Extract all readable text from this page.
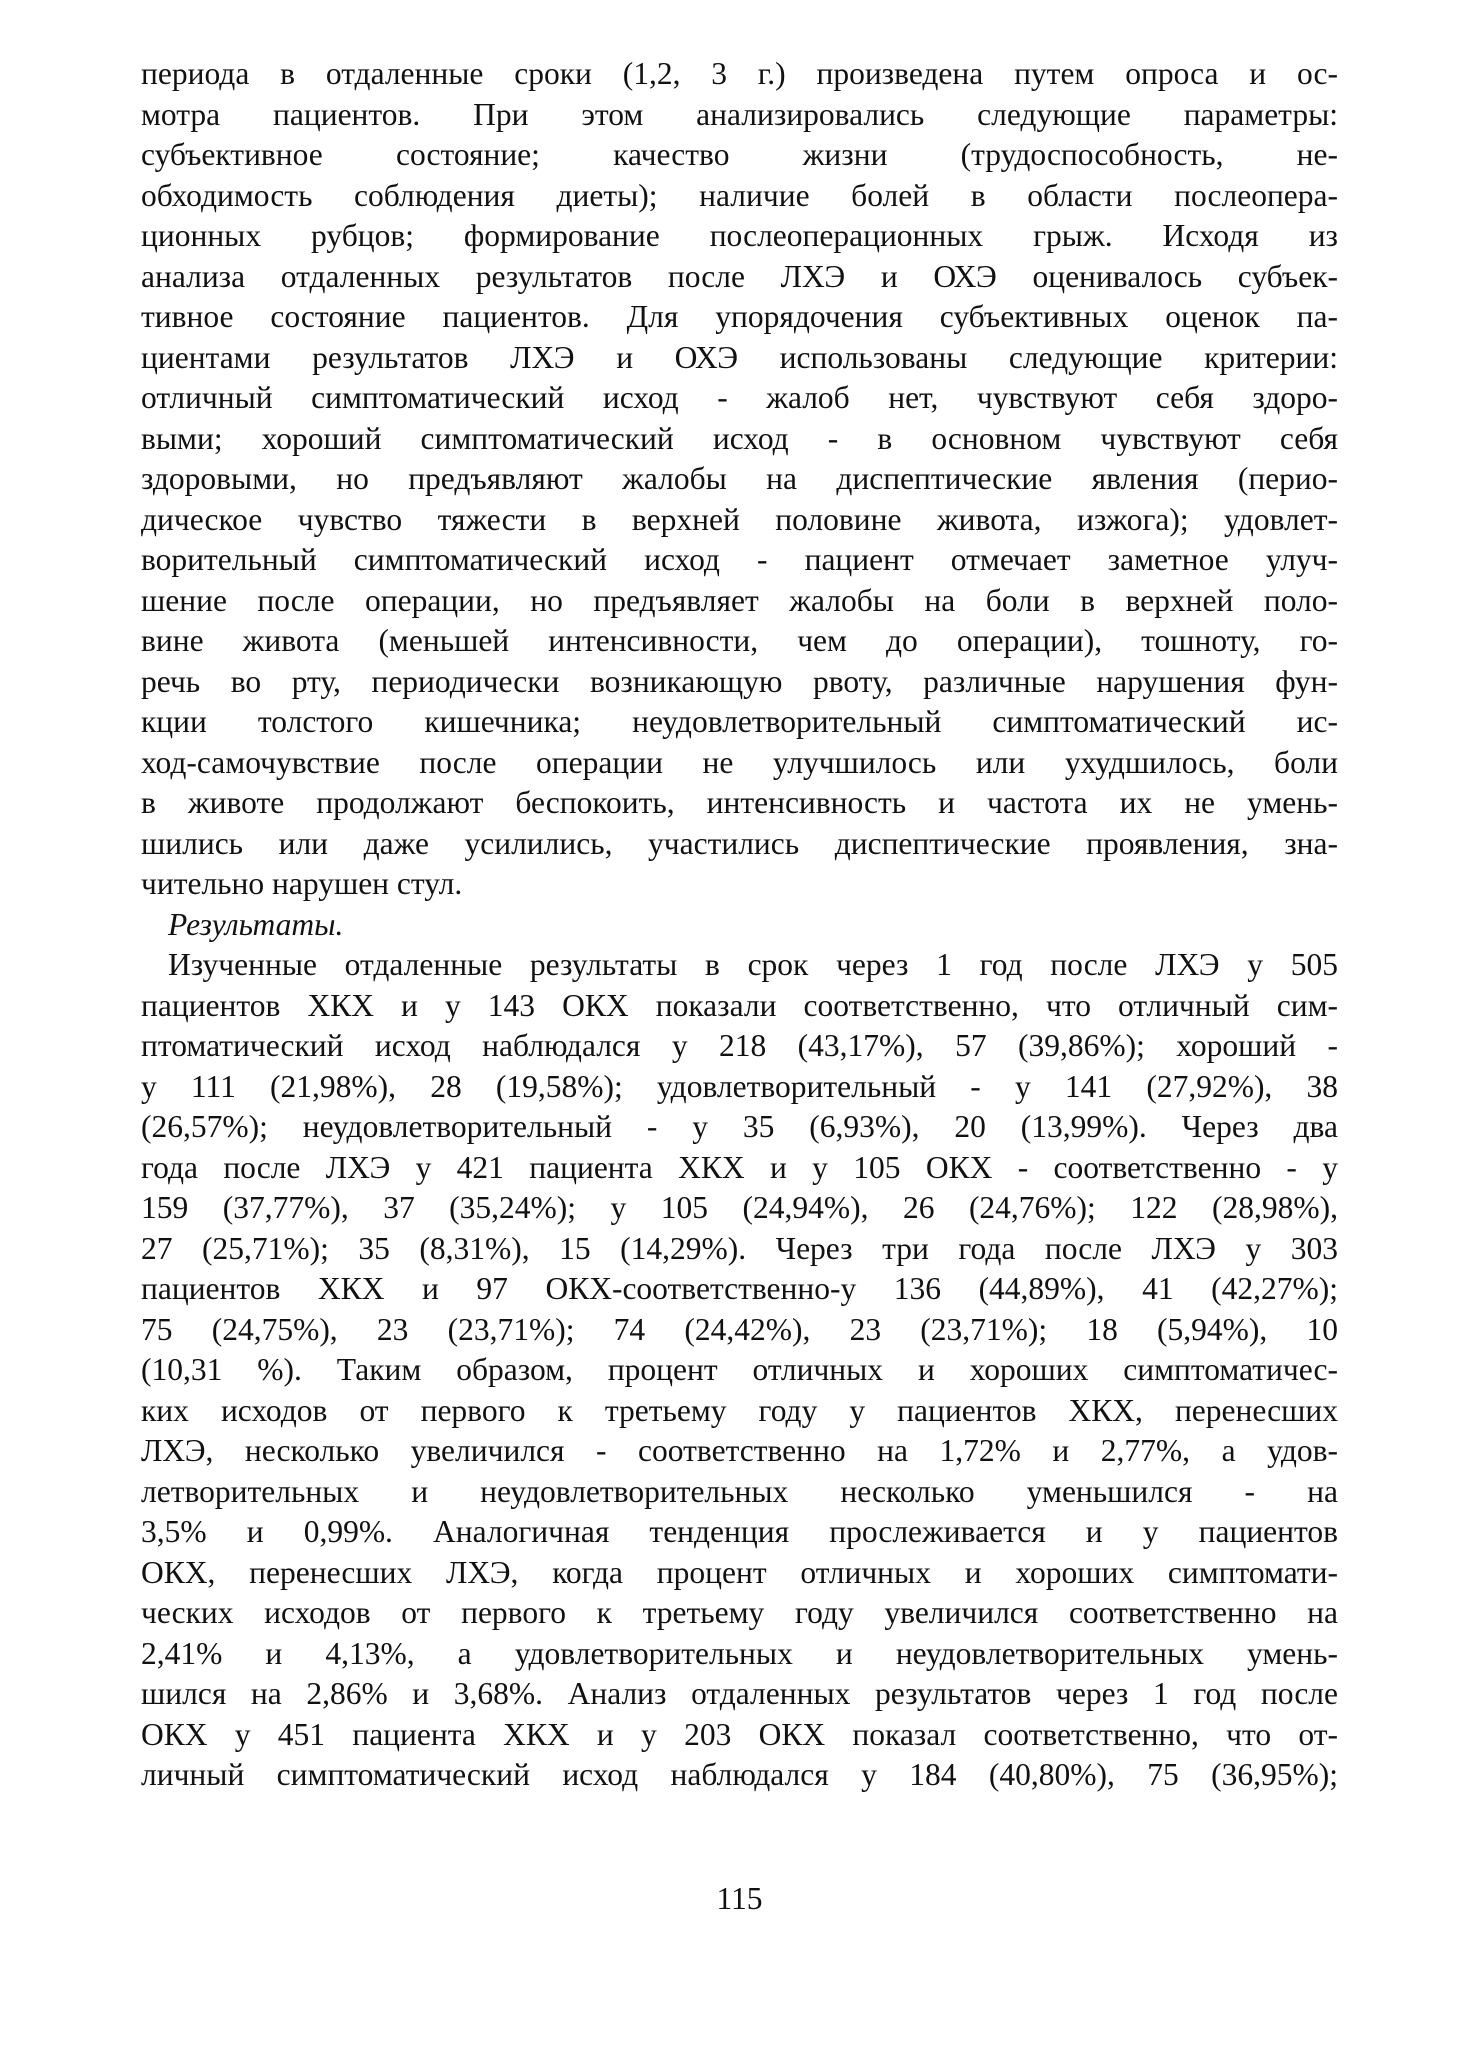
периода в отдаленные сроки (1,2, 3 г.) произведена путем опроса и ос-
мотра пациентов. При этом анализировались следующие параметры:
субъективное состояние; качество жизни (трудоспособность, не-
обходимость соблюдения диеты); наличие болей в области послеопера-
ционных рубцов; формирование послеоперационных грыж. Исходя из
анализа отдаленных результатов после ЛХЭ и ОХЭ оценивалось субъек-
тивное состояние пациентов. Для упорядочения субъективных оценок па-
циентами результатов ЛХЭ и ОХЭ использованы следующие критерии:
отличный симптоматический исход - жалоб нет, чувствуют себя здоро-
выми; хороший симптоматический исход - в основном чувствуют себя
здоровыми, но предъявляют жалобы на диспептические явления (перио-
дическое чувство тяжести в верхней половине живота, изжога); удовлет-
ворительный симптоматический исход - пациент отмечает заметное улуч-
шение после операции, но предъявляет жалобы на боли в верхней поло-
вине живота (меньшей интенсивности, чем до операции), тошноту, го-
речь во рту, периодически возникающую рвоту, различные нарушения фун-
кции толстого кишечника; неудовлетворительный симптоматический ис-
ход-самочувствие после операции не улучшилось или ухудшилось, боли
в животе продолжают беспокоить, интенсивность и частота их не умень-
шились или даже усилились, участились диспептические проявления, зна-
чительно нарушен стул.
Результаты.
Изученные отдаленные результаты в срок через 1 год после ЛХЭ у 505
пациентов ХКХ и у 143 ОКХ показали соответственно, что отличный сим-
птоматический исход наблюдался у 218 (43,17%), 57 (39,86%); хороший -
у 111 (21,98%), 28 (19,58%); удовлетворительный - у 141 (27,92%), 38
(26,57%); неудовлетворительный - у 35 (6,93%), 20 (13,99%). Через два
года после ЛХЭ у 421 пациента ХКХ и у 105 ОКХ - соответственно - у
159 (37,77%), 37 (35,24%); у 105 (24,94%), 26 (24,76%); 122 (28,98%),
27 (25,71%); 35 (8,31%), 15 (14,29%). Через три года после ЛХЭ у 303
пациентов ХКХ и 97 ОКХ-соответственно-у 136 (44,89%), 41 (42,27%);
75 (24,75%), 23 (23,71%); 74 (24,42%), 23 (23,71%); 18 (5,94%), 10
(10,31 %). Таким образом, процент отличных и хороших симптоматичес-
ких исходов от первого к третьему году у пациентов ХКХ, перенесших
ЛХЭ, несколько увеличился - соответственно на 1,72% и 2,77%, а удов-
летворительных и неудовлетворительных несколько уменьшился - на
3,5% и 0,99%. Аналогичная тенденция прослеживается и у пациентов
ОКХ, перенесших ЛХЭ, когда процент отличных и хороших симптомати-
ческих исходов от первого к третьему году увеличился соответственно на
2,41% и 4,13%, а удовлетворительных и неудовлетворительных умень-
шился на 2,86% и 3,68%. Анализ отдаленных результатов через 1 год после
ОКХ у 451 пациента ХКХ и у 203 ОКХ показал соответственно, что от-
личный симптоматический исход наблюдался у 184 (40,80%), 75 (36,95%);
115
